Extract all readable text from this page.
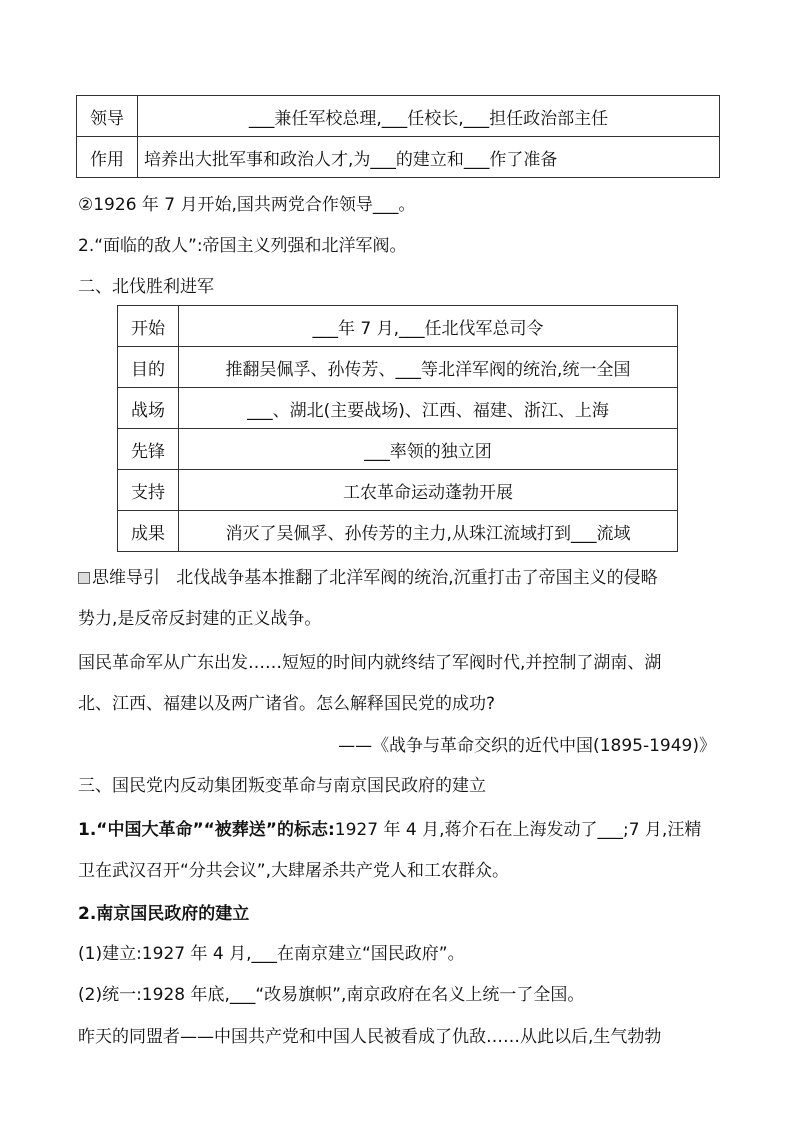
领导	___兼任军校总理,___任校长,___担任政治部主任
作用	培养出大批军事和政治人才,为___的建立和___作了准备
②1926 年 7 月开始,国共两党合作领导___。
2.“面临的敌人”:帝国主义列强和北洋军阀。
二、北伐胜利进军
开始	___年 7 月,___任北伐军总司令
目的	推翻吴佩孚、孙传芳、___等北洋军阀的统治,统一全国
战场	___、湖北(主要战场)、江西、福建、浙江、上海
先锋	___率领的独立团
支持	工农革命运动蓬勃开展
成果	消灭了吴佩孚、孙传芳的主力,从珠江流域打到___流域
思维导引 北伐战争基本推翻了北洋军阀的统治,沉重打击了帝国主义的侵略
势力,是反帝反封建的正义战争。
国民革命军从广东出发……短短的时间内就终结了军阀时代,并控制了湖南、湖
北、江西、福建以及两广诸省。怎么解释国民党的成功?
——《战争与革命交织的近代中国(1895-1949)》
三、国民党内反动集团叛变革命与南京国民政府的建立
1.“中国大革命”“被葬送”的标志:1927 年 4 月,蒋介石在上海发动了___;7 月,汪精
卫在武汉召开“分共会议”,大肆屠杀共产党人和工农群众。
2.南京国民政府的建立
(1)建立:1927 年 4 月,___在南京建立“国民政府”。
(2)统一:1928 年底,___“改易旗帜”,南京政府在名义上统一了全国。
昨天的同盟者——中国共产党和中国人民被看成了仇敌……从此以后,生气勃勃
